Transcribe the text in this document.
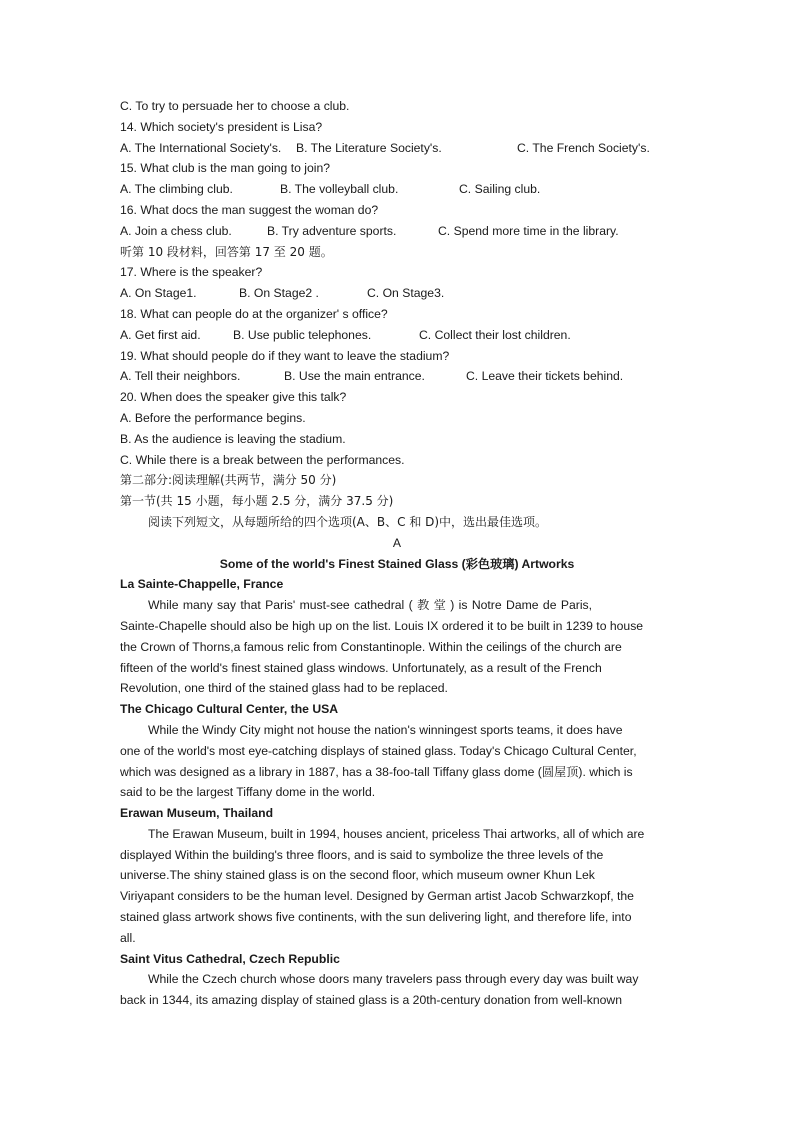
C. To try to persuade her to choose a club.
14. Which society's president is Lisa?
A. The International Society's. B. The Literature Society's.	C. The French Society's.
15. What club is the man going to join?
A. The climbing club.	B. The volleyball club.	C. Sailing club.
16. What docs the man suggest the woman do?
A. Join a chess club.	B. Try adventure sports.	C. Spend more time in the library.
听第 10 段材料，回答第 17 至 20 题。
17. Where is the speaker?
A. On Stage1.	B. On Stage2 .	C. On Stage3.
18. What can people do at the organizer' s office?
A. Get first aid.	B. Use public telephones.	C. Collect their lost children.
19. What should people do if they want to leave the stadium?
A. Tell their neighbors.	B. Use the main entrance.	C. Leave their tickets behind.
20. When does the speaker give this talk?
A. Before the performance begins.
B. As the audience is leaving the stadium.
C. While there is a break between the performances.
第二部分:阅读理解(共两节，满分 50 分)
第一节(共 15 小题，每小题 2.5 分，满分 37.5 分)
阅读下列短文，从每题所给的四个选项(A、B、C 和 D)中，选出最佳选项。
A
Some of the world's Finest Stained Glass (彩色玻璃) Artworks
La Sainte-Chappelle, France
While many say that Paris' must-see cathedral ( 教 堂 ) is Notre Dame de Paris,
Sainte-Chapelle should also be high up on the list. Louis IX ordered it to be built in 1239 to house
the Crown of Thorns,a famous relic from Constantinople. Within the ceilings of the church are
fifteen of the world's finest stained glass windows. Unfortunately, as a result of the French
Revolution, one third of the stained glass had to be replaced.
The Chicago Cultural Center, the USA
While the Windy City might not house the nation's winningest sports teams, it does have
one of the world's most eye-catching displays of stained glass. Today's Chicago Cultural Center,
which was designed as a library in 1887, has a 38-foo-tall Tiffany glass dome (圆屋顶). which is
said to be the largest Tiffany dome in the world.
Erawan Museum, Thailand
The Erawan Museum, built in 1994, houses ancient, priceless Thai artworks, all of which are
displayed Within the building's three floors, and is said to symbolize the three levels of the
universe.The shiny stained glass is on the second floor, which museum owner Khun Lek
Viriyapant considers to be the human level. Designed by German artist Jacob Schwarzkopf, the
stained glass artwork shows five continents, with the sun delivering light, and therefore life, into
all.
Saint Vitus Cathedral, Czech Republic
While the Czech church whose doors many travelers pass through every day was built way
back in 1344, its amazing display of stained glass is a 20th-century donation from well-known
